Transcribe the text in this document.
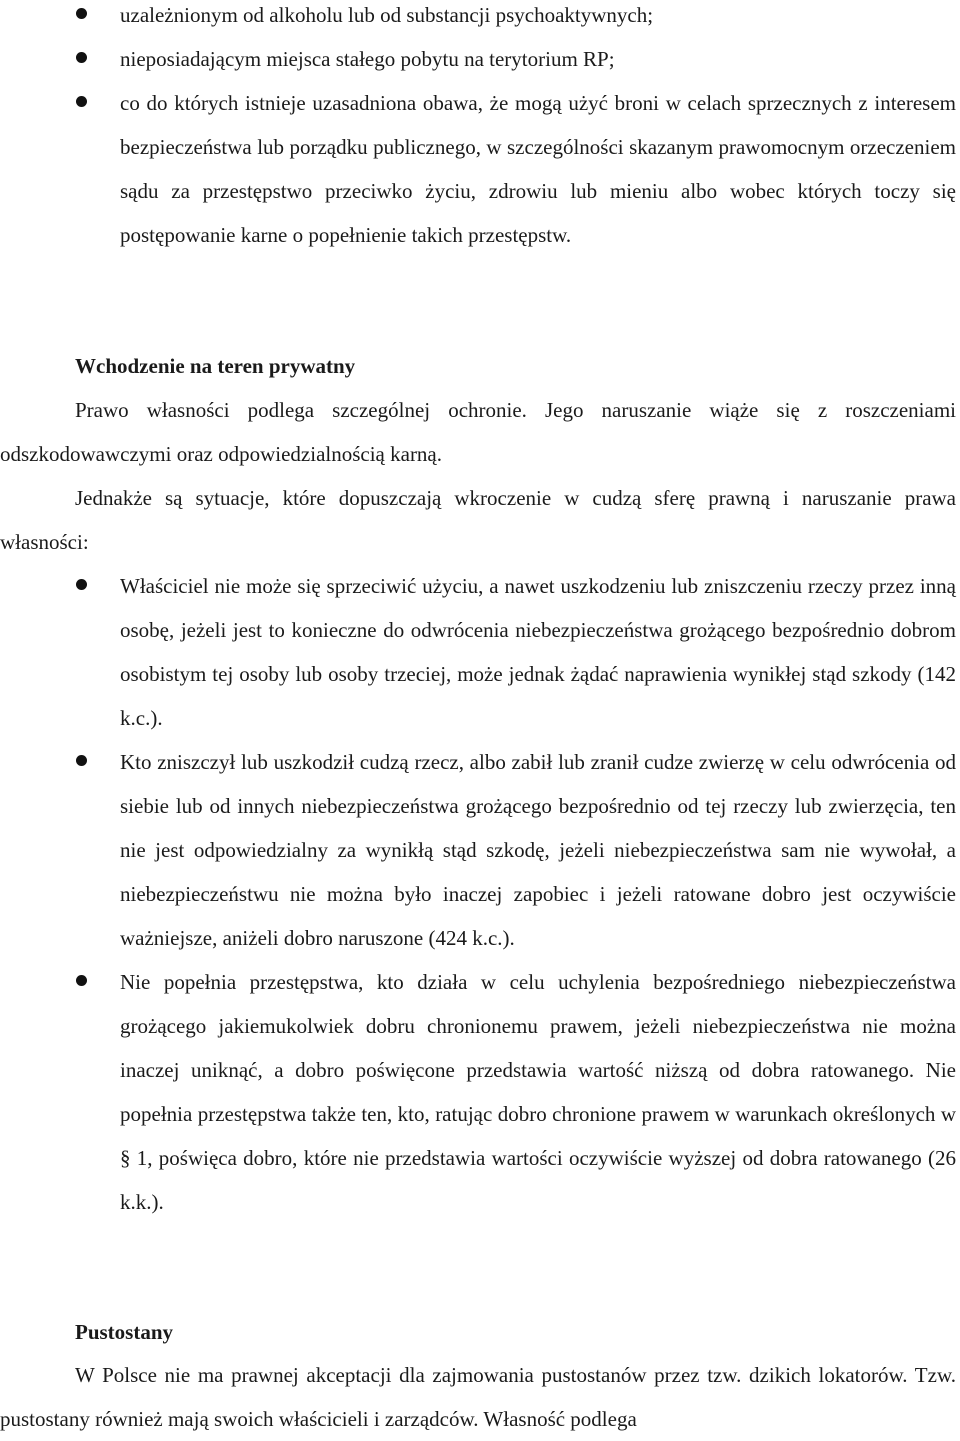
uzależnionym od alkoholu lub od substancji psychoaktywnych;
nieposiadającym miejsca stałego pobytu na terytorium RP;
co do których istnieje uzasadniona obawa, że mogą użyć broni w celach sprzecznych z interesem bezpieczeństwa lub porządku publicznego, w szczególności skazanym prawomocnym orzeczeniem sądu za przestępstwo przeciwko życiu, zdrowiu lub mieniu albo wobec których toczy się postępowanie karne o popełnienie takich przestępstw.
Wchodzenie na teren prywatny

Prawo własności podlega szczególnej ochronie. Jego naruszanie wiąże się z roszczeniami odszkodowawczymi oraz odpowiedzialnością karną.

Jednakże są sytuacje, które dopuszczają wkroczenie w cudzą sferę prawną i naruszanie prawa własności:

Właściciel nie może się sprzeciwić użyciu, a nawet uszkodzeniu lub zniszczeniu rzeczy przez inną osobę, jeżeli jest to konieczne do odwrócenia niebezpieczeństwa grożącego bezpośrednio dobrom osobistym tej osoby lub osoby trzeciej, może jednak żądać naprawienia wynikłej stąd szkody (142 k.c.).
Kto zniszczył lub uszkodził cudzą rzecz, albo zabił lub zranił cudze zwierzę w celu odwrócenia od siebie lub od innych niebezpieczeństwa grożącego bezpośrednio od tej rzeczy lub zwierzęcia, ten nie jest odpowiedzialny za wynikłą stąd szkodę, jeżeli niebezpieczeństwa sam nie wywołał, a niebezpieczeństwu nie można było inaczej zapobiec i jeżeli ratowane dobro jest oczywiście ważniejsze, aniżeli dobro naruszone (424 k.c.).
Nie popełnia przestępstwa, kto działa w celu uchylenia bezpośredniego niebezpieczeństwa grożącego jakiemukolwiek dobru chronionemu prawem, jeżeli niebezpieczeństwa nie można inaczej uniknąć, a dobro poświęcone przedstawia wartość niższą od dobra ratowanego. Nie popełnia przestępstwa także ten, kto, ratując dobro chronione prawem w warunkach określonych w § 1, poświęca dobro, które nie przedstawia wartości oczywiście wyższej od dobra ratowanego (26 k.k.).
Pustostany

W Polsce nie ma prawnej akceptacji dla zajmowania pustostanów przez tzw. dzikich lokatorów. Tzw. pustostany również mają swoich właścicieli i zarządców. Własność podlega
